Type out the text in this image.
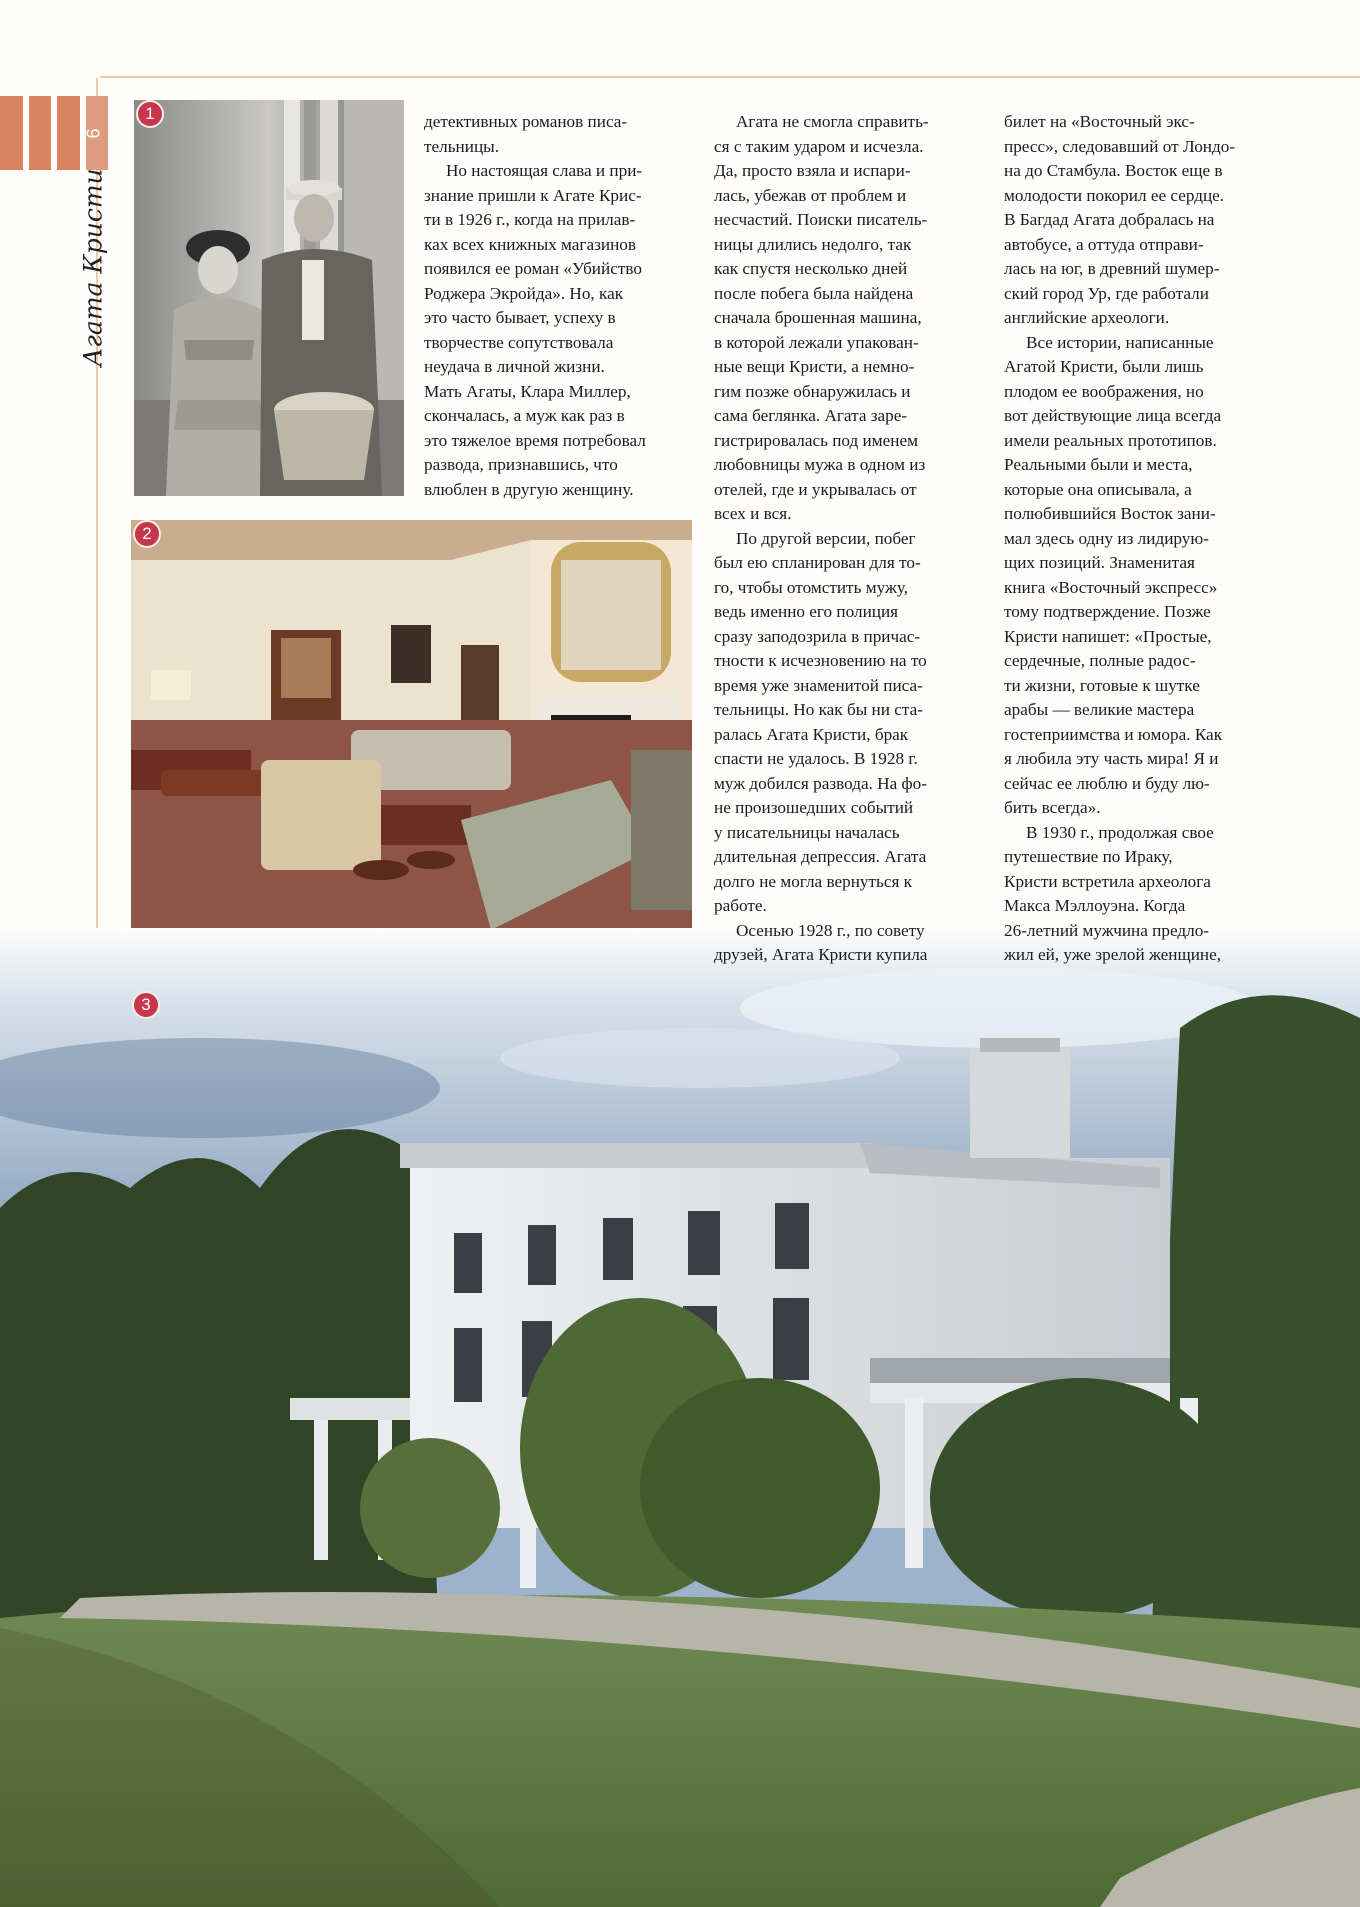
6
Агата Кристи
1
2
3

детективных романов писа-
тельницы.

Но настоящая слава и при-
знание пришли к Агате Крис-
ти в 1926 г., когда на прилав-
ках всех книжных магазинов
появился ее роман «Убийство
Роджера Экройда». Но, как
это часто бывает, успеху в
творчестве сопутствовала
неудача в личной жизни.
Мать Агаты, Клара Миллер,
скончалась, а муж как раз в
это тяжелое время потребовал
развода, признавшись, что
влюблен в другую женщину.

Агата не смогла справить-
ся с таким ударом и исчезла.
Да, просто взяла и испари-
лась, убежав от проблем и
несчастий. Поиски писатель-
ницы длились недолго, так
как спустя несколько дней
после побега была найдена
сначала брошенная машина,
в которой лежали упакован-
ные вещи Кристи, а немно-
гим позже обнаружилась и
сама беглянка. Агата заре-
гистрировалась под именем
любовницы мужа в одном из
отелей, где и укрывалась от
всех и вся.

По другой версии, побег
был ею спланирован для то-
го, чтобы отомстить мужу,
ведь именно его полиция
сразу заподозрила в причас-
тности к исчезновению на то
время уже знаменитой писа-
тельницы. Но как бы ни ста-
ралась Агата Кристи, брак
спасти не удалось. В 1928 г.
муж добился развода. На фо-
не произошедших событий
у писательницы началась
длительная депрессия. Агата
долго не могла вернуться к
работе.

Осенью 1928 г., по совету
друзей, Агата Кристи купила

билет на «Восточный экс-
пресс», следовавший от Лондо-
на до Стамбула. Восток еще в
молодости покорил ее сердце.
В Багдад Агата добралась на
автобусе, а оттуда отправи-
лась на юг, в древний шумер-
ский город Ур, где работали
английские археологи.

Все истории, написанные
Агатой Кристи, были лишь
плодом ее воображения, но
вот действующие лица всегда
имели реальных прототипов.
Реальными были и места,
которые она описывала, а
полюбившийся Восток зани-
мал здесь одну из лидирую-
щих позиций. Знаменитая
книга «Восточный экспресс»
тому подтверждение. Позже
Кристи напишет: «Простые,
сердечные, полные радос-
ти жизни, готовые к шутке
арабы — великие мастера
гостеприимства и юмора. Как
я любила эту часть мира! Я и
сейчас ее люблю и буду лю-
бить всегда».

В 1930 г., продолжая свое
путешествие по Ираку,
Кристи встретила археолога
Макса Мэллоуэна. Когда
26-летний мужчина предло-
жил ей, уже зрелой женщине,
